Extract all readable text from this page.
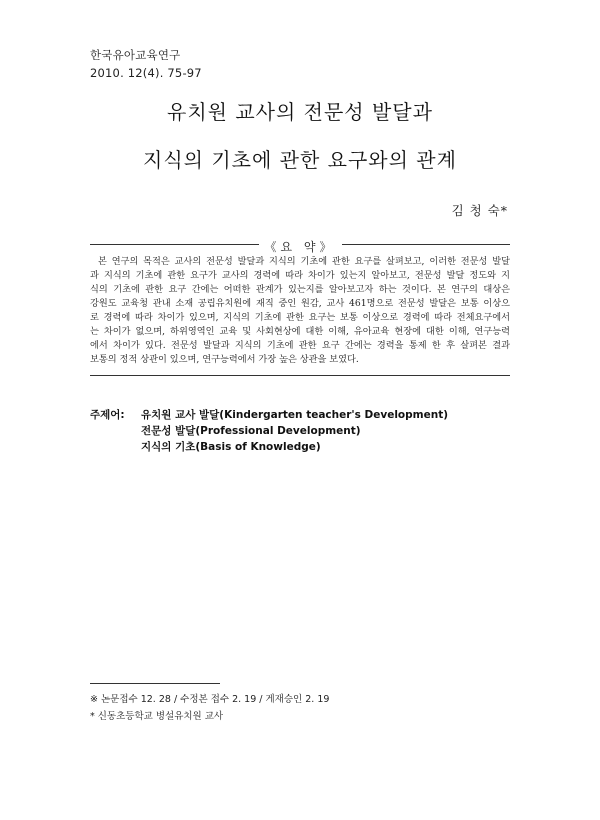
한국유아교육연구
2010. 12(4). 75-97
유치원 교사의 전문성 발달과
지식의 기초에 관한 요구와의 관계
김 청 숙*
《요 약》
본 연구의 목적은 교사의 전문성 발달과 지식의 기초에 관한 요구를 살펴보고, 이러한 전문성 발달
과 지식의 기초에 관한 요구가 교사의 경력에 따라 차이가 있는지 알아보고, 전문성 발달 정도와 지
식의 기초에 관한 요구 간에는 어떠한 관계가 있는지를 알아보고자 하는 것이다. 본 연구의 대상은
강원도 교육청 관내 소재 공립유치원에 재직 중인 원감, 교사 461명으로 전문성 발달은 보통 이상으
로 경력에 따라 차이가 있으며, 지식의 기초에 관한 요구는 보통 이상으로 경력에 따라 전체요구에서
는 차이가 없으며, 하위영역인 교육 및 사회현상에 대한 이해, 유아교육 현장에 대한 이해, 연구능력
에서 차이가 있다. 전문성 발달과 지식의 기초에 관한 요구 간에는 경력을 통제 한 후 살펴본 결과
보통의 정적 상관이 있으며, 연구능력에서 가장 높은 상관을 보였다.
주제어: 유치원 교사 발달(Kindergarten teacher's Development)
전문성 발달(Professional Development)
지식의 기초(Basis of Knowledge)
※ 논문접수 12. 28 / 수정본 접수 2. 19 / 게재승인 2. 19
* 신동초등학교 병설유치원 교사
